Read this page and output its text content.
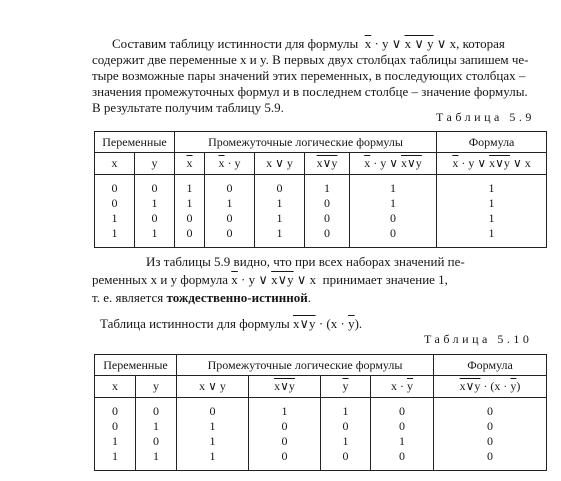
Составим таблицу истинности для формулы $\overline{x} \cdot y$ ∨ x ∨ y ∨ x, которая

содержит две переменные x и y. В первых двух столбцах таблицы запишем че-

тыре возможные пары значений этих переменных, в последующих столбцах –

значения промежуточных формул и в последнем столбце – значение формулы.

В результате получим таблицу 5.9.

Таблица 5.9
Переменные		Промежуточные логические формулы					Формула
x	y	$\overline{x}$	$\overline{x} \cdot y$	x ∨ y	x∨y	$\overline{x} \cdot y$ ∨ x∨y	$\overline{x} \cdot y$ ∨ x∨y ∨ x
0	0	1	0	0	1	1	1
0	1	1	1	1	0	1	1
1	0	0	0	1	0	0	1
1	1	0	0	1	0	0	1

Из таблицы 5.9 видно, что при всех наборах значений пе-

ременных x и y формула $\overline{x} \cdot y$ ∨ x∨y ∨ x принимает значение 1,

т. е. является тождественно-истинной.

Таблица истинности для формулы x∨y · $(x \cdot \overline{y})$.

Таблица 5.10
Переменные		Промежуточные логические формулы				Формула
x	y	x ∨ y	x∨y	$\overline{y}$	$x \cdot \overline{y}$	x∨y · $(x \cdot \overline{y})$
0	0	0	1	1	0	0
0	1	1	0	0	0	0
1	0	1	0	1	1	0
1	1	1	0	0	0	0
